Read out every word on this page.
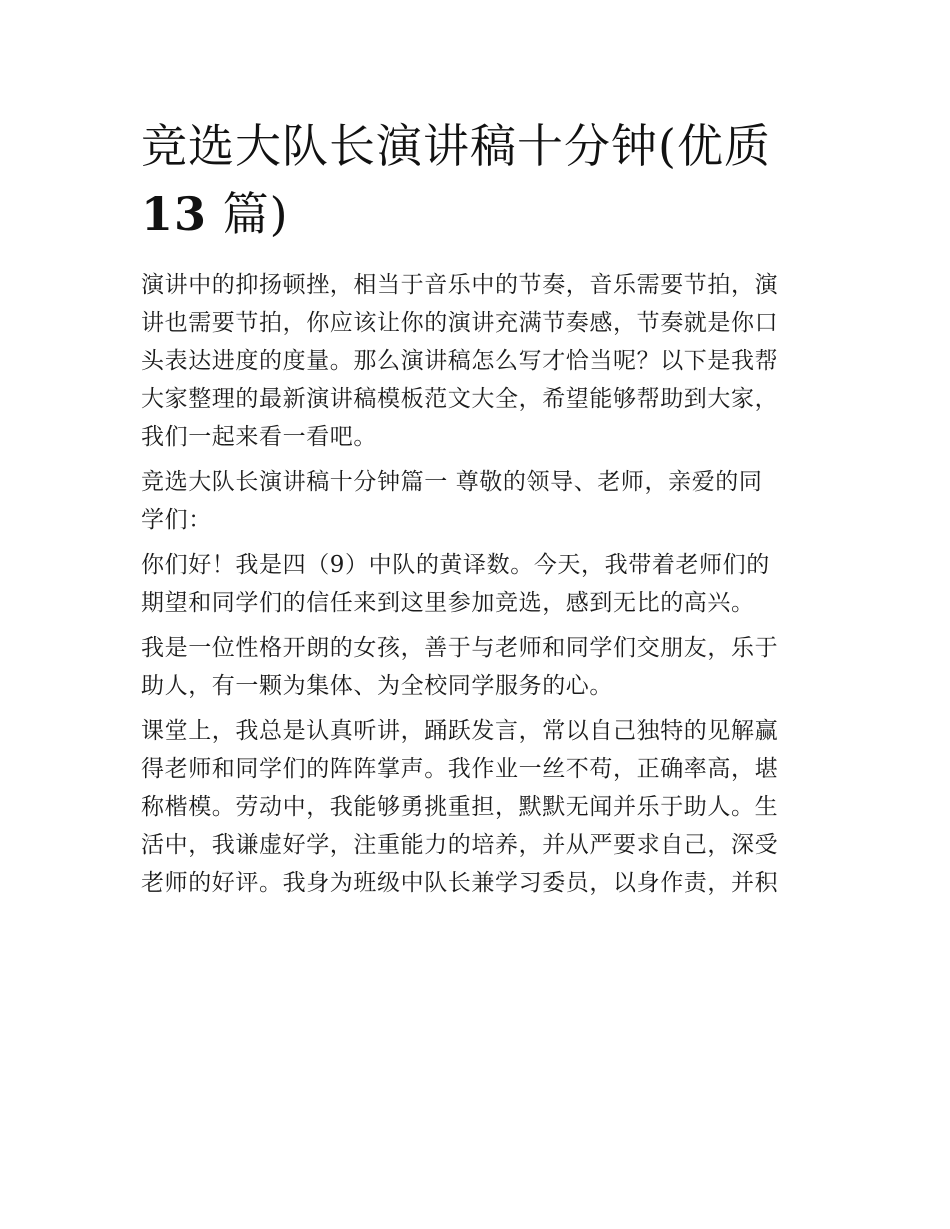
竞选大队长演讲稿十分钟(优质
13 篇)

演讲中的抑扬顿挫，相当于音乐中的节奏，音乐需要节拍，演
讲也需要节拍，你应该让你的演讲充满节奏感，节奏就是你口
头表达进度的度量。那么演讲稿怎么写才恰当呢？以下是我帮
大家整理的最新演讲稿模板范文大全，希望能够帮助到大家，
我们一起来看一看吧。

竞选大队长演讲稿十分钟篇一 尊敬的领导、老师，亲爱的同
学们：

你们好！我是四（9）中队的黄译数。今天，我带着老师们的
期望和同学们的信任来到这里参加竞选，感到无比的高兴。

我是一位性格开朗的女孩，善于与老师和同学们交朋友，乐于
助人，有一颗为集体、为全校同学服务的心。

课堂上，我总是认真听讲，踊跃发言，常以自己独特的见解赢
得老师和同学们的阵阵掌声。我作业一丝不苟，正确率高，堪
称楷模。劳动中，我能够勇挑重担，默默无闻并乐于助人。生
活中，我谦虚好学，注重能力的培养，并从严要求自己，深受
老师的好评。我身为班级中队长兼学习委员，以身作责，并积
